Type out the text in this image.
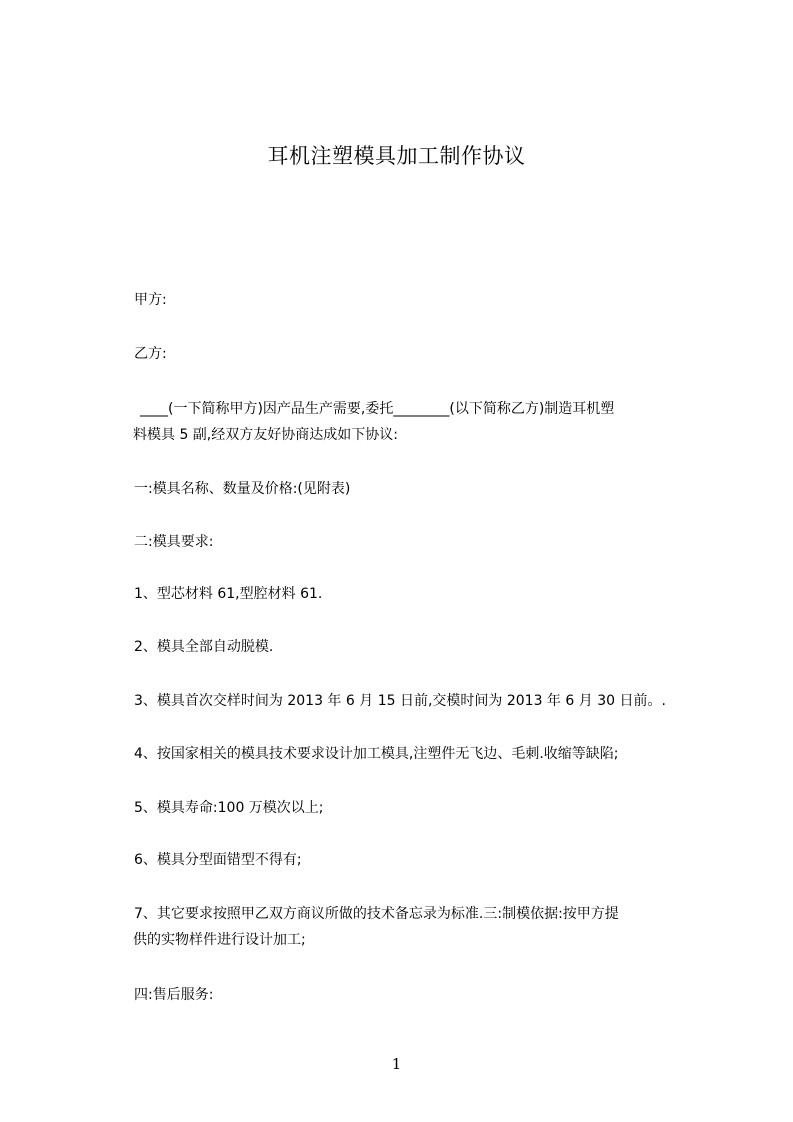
耳机注塑模具加工制作协议

甲方:

乙方:

____(一下简称甲方)因产品生产需要,委托________(以下简称乙方)制造耳机塑
料模具 5 副,经双方友好协商达成如下协议:

一:模具名称、数量及价格:(见附表)

二:模具要求:

1、型芯材料 61,型腔材料 61.

2、模具全部自动脱模.

3、模具首次交样时间为 2013 年 6 月 15 日前,交模时间为 2013 年 6 月 30 日前。.

4、按国家相关的模具技术要求设计加工模具,注塑件无飞边、毛刺.收缩等缺陷;

5、模具寿命:100 万模次以上;

6、模具分型面错型不得有;

7、其它要求按照甲乙双方商议所做的技术备忘录为标准.三:制模依据:按甲方提
供的实物样件进行设计加工;

四:售后服务:

1
